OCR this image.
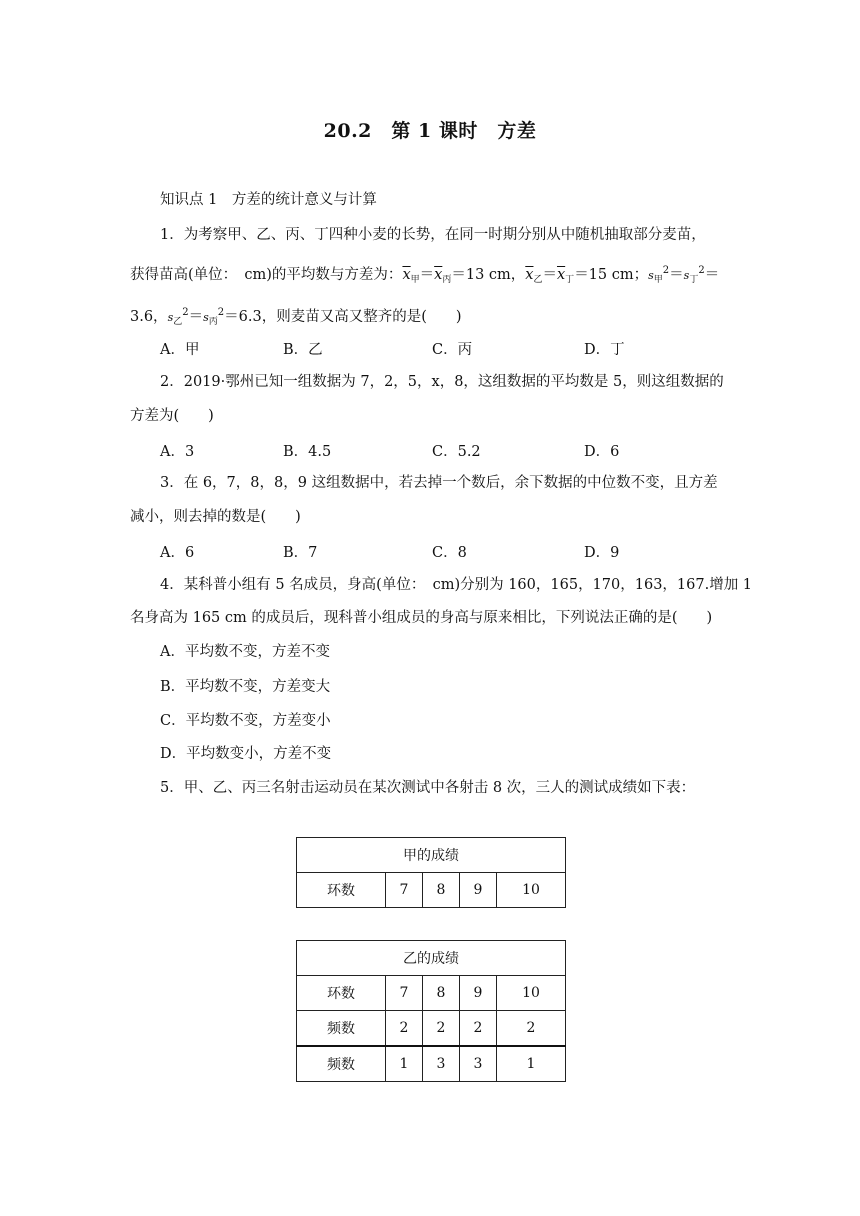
20.2　第 1 课时　方差
知识点 1　方差的统计意义与计算
1．为考察甲、乙、丙、丁四种小麦的长势，在同一时期分别从中随机抽取部分麦苗，
获得苗高(单位：　cm)的平均数与方差为：$\overline{x}_甲=\overline{x}_丙=13$ cm，$\overline{x}_乙=\overline{x}_丁=15$ cm；$s_甲^2=s_丁^2=$
3.6，$s_乙^2=s_丙^2=6.3$，则麦苗又高又整齐的是(　　)
A．甲	B．乙	C．丙	D．丁
2．2019·鄂州已知一组数据为 7，2，5，x，8，这组数据的平均数是 5，则这组数据的
方差为(　　)
A．3	B．4.5	C．5.2	D．6
3．在 6，7，8，8，9 这组数据中，若去掉一个数后，余下数据的中位数不变，且方差
减小，则去掉的数是(　　)
A．6	B．7	C．8	D．9
4．某科普小组有 5 名成员，身高(单位：　cm)分别为 160，165，170，163，167.增加 1
名身高为 165 cm 的成员后，现科普小组成员的身高与原来相比，下列说法正确的是(　　)
A．平均数不变，方差不变
B．平均数不变，方差变大
C．平均数不变，方差变小
D．平均数变小，方差不变
5．甲、乙、丙三名射击运动员在某次测试中各射击 8 次，三人的测试成绩如下表：
甲的成绩
环数	7	8	9	10
乙的成绩				
环数	7	8	9	10
频数	2	2	2	2
频数	1	3	3	1
